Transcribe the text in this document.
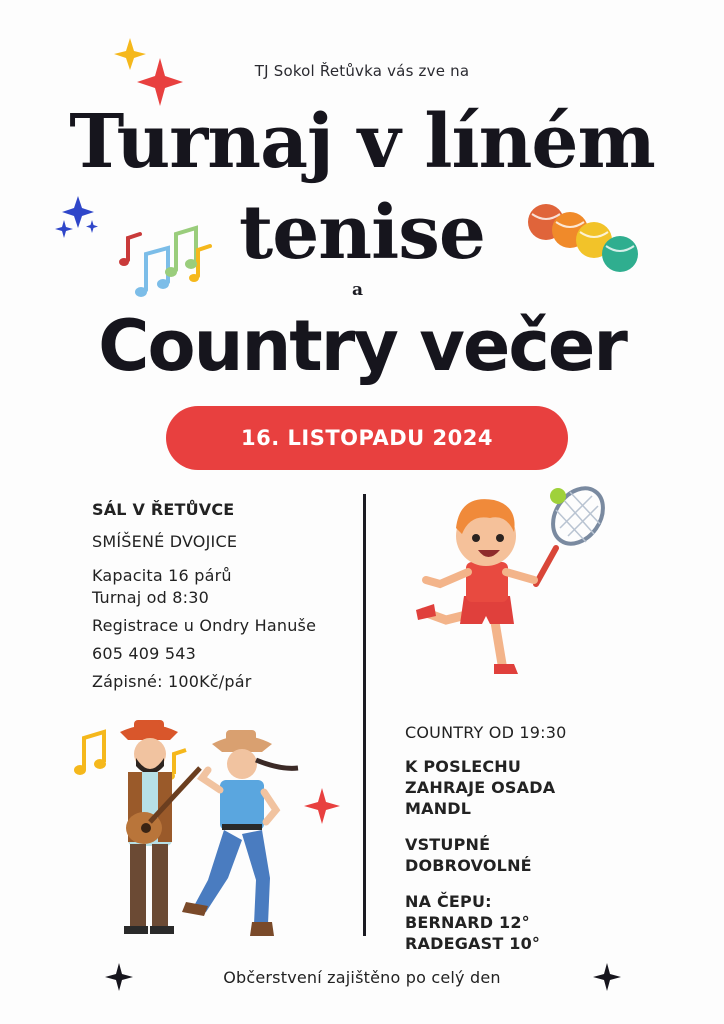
TJ Sokol Řetůvka vás zve na
Turnaj v líném
tenise
a
Country večer
16. LISTOPADU 2024
SÁL V ŘETŮVCE
SMÍŠENÉ DVOJICE
Kapacita 16 párů
Turnaj od 8:30
Registrace u Ondry Hanuše
605 409 543
Zápisné: 100Kč/pár
COUNTRY OD 19:30
K POSLECHU
ZAHRAJE OSADA
MANDL
VSTUPNÉ
DOBROVOLNÉ
NA ČEPU:
BERNARD 12°
RADEGAST 10°
Občerstvení zajištěno po celý den
